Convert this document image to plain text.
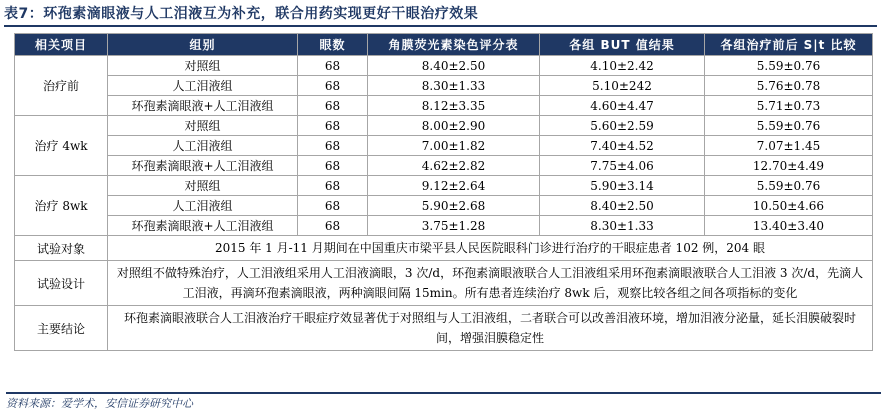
表7：环孢素滴眼液与人工泪液互为补充，联合用药实现更好干眼治疗效果
相关项目	组别	眼数	角膜荧光素染色评分表	各组 BUT 值结果	各组治疗前后 S|t 比较
治疗前	对照组	68	8.40±2.50	4.10±2.42	5.59±0.76
	人工泪液组	68	8.30±1.33	5.10±242	5.76±0.78
	环孢素滴眼液+人工泪液组	68	8.12±3.35	4.60±4.47	5.71±0.73
治疗 4wk	对照组	68	8.00±2.90	5.60±2.59	5.59±0.76
	人工泪液组	68	7.00±1.82	7.40±4.52	7.07±1.45
	环孢素滴眼液+人工泪液组	68	4.62±2.82	7.75±4.06	12.70±4.49
治疗 8wk	对照组	68	9.12±2.64	5.90±3.14	5.59±0.76
	人工泪液组	68	5.90±2.68	8.40±2.50	10.50±4.66
	环孢素滴眼液+人工泪液组	68	3.75±1.28	8.30±1.33	13.40±3.40
试验对象	2015 年 1 月-11 月期间在中国重庆市梁平县人民医院眼科门诊进行治疗的干眼症患者 102 例，204 眼				
试验设计	对照组不做特殊治疗，人工泪液组采用人工泪液滴眼，3 次/d，环孢素滴眼液联合人工泪液组采用环孢素滴眼液联合人工泪液 3 次/d，先滴人工泪液，再滴环孢素滴眼液，两种滴眼间隔 15min。所有患者连续治疗 8wk 后，观察比较各组之间各项指标的变化				
主要结论	环孢素滴眼液联合人工泪液治疗干眼症疗效显著优于对照组与人工泪液组，二者联合可以改善泪液环境，增加泪液分泌量，延长泪膜破裂时间，增强泪膜稳定性				
资料来源：爱学术，安信证券研究中心
